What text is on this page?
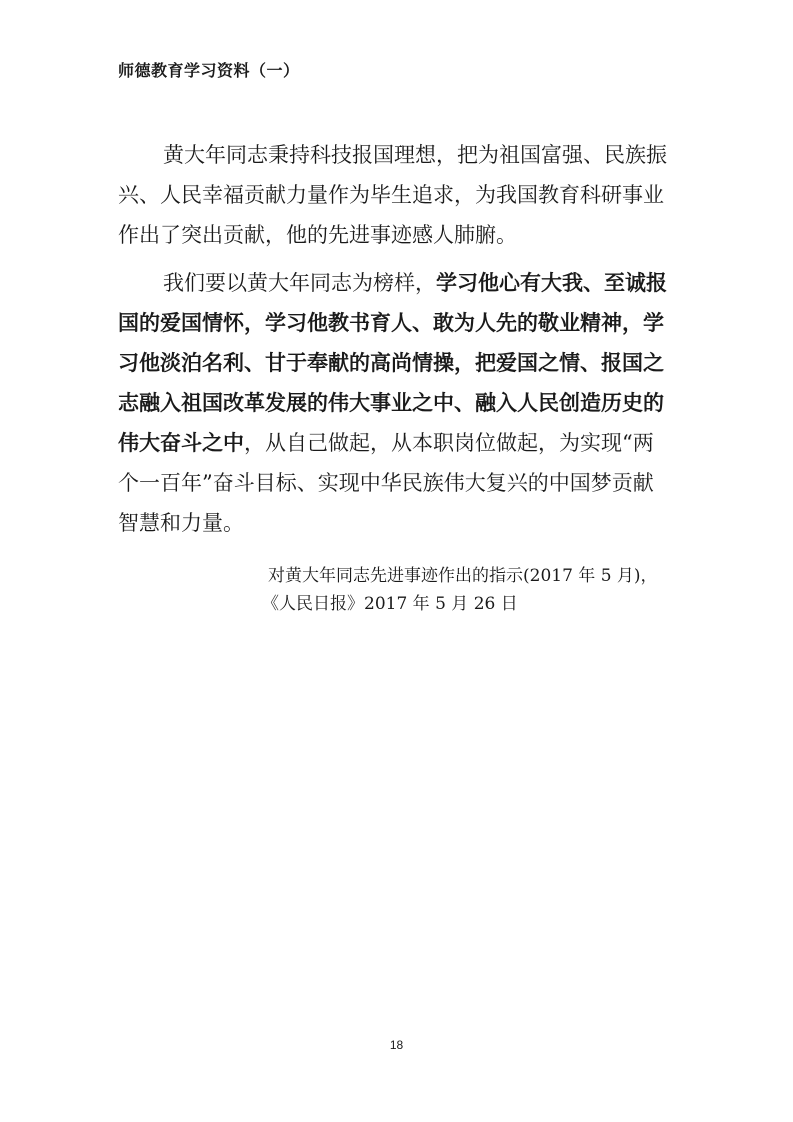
师德教育学习资料（一）
黄大年同志秉持科技报国理想，把为祖国富强、民族振
兴、人民幸福贡献力量作为毕生追求，为我国教育科研事业
作出了突出贡献，他的先进事迹感人肺腑。
我们要以黄大年同志为榜样，学习他心有大我、至诚报
国的爱国情怀，学习他教书育人、敢为人先的敬业精神，学
习他淡泊名利、甘于奉献的高尚情操，把爱国之情、报国之
志融入祖国改革发展的伟大事业之中、融入人民创造历史的
伟大奋斗之中，从自己做起，从本职岗位做起，为实现“两
个一百年”奋斗目标、实现中华民族伟大复兴的中国梦贡献
智慧和力量。
对黄大年同志先进事迹作出的指示(2017 年 5 月)，
《人民日报》2017 年 5 月 26 日
18
